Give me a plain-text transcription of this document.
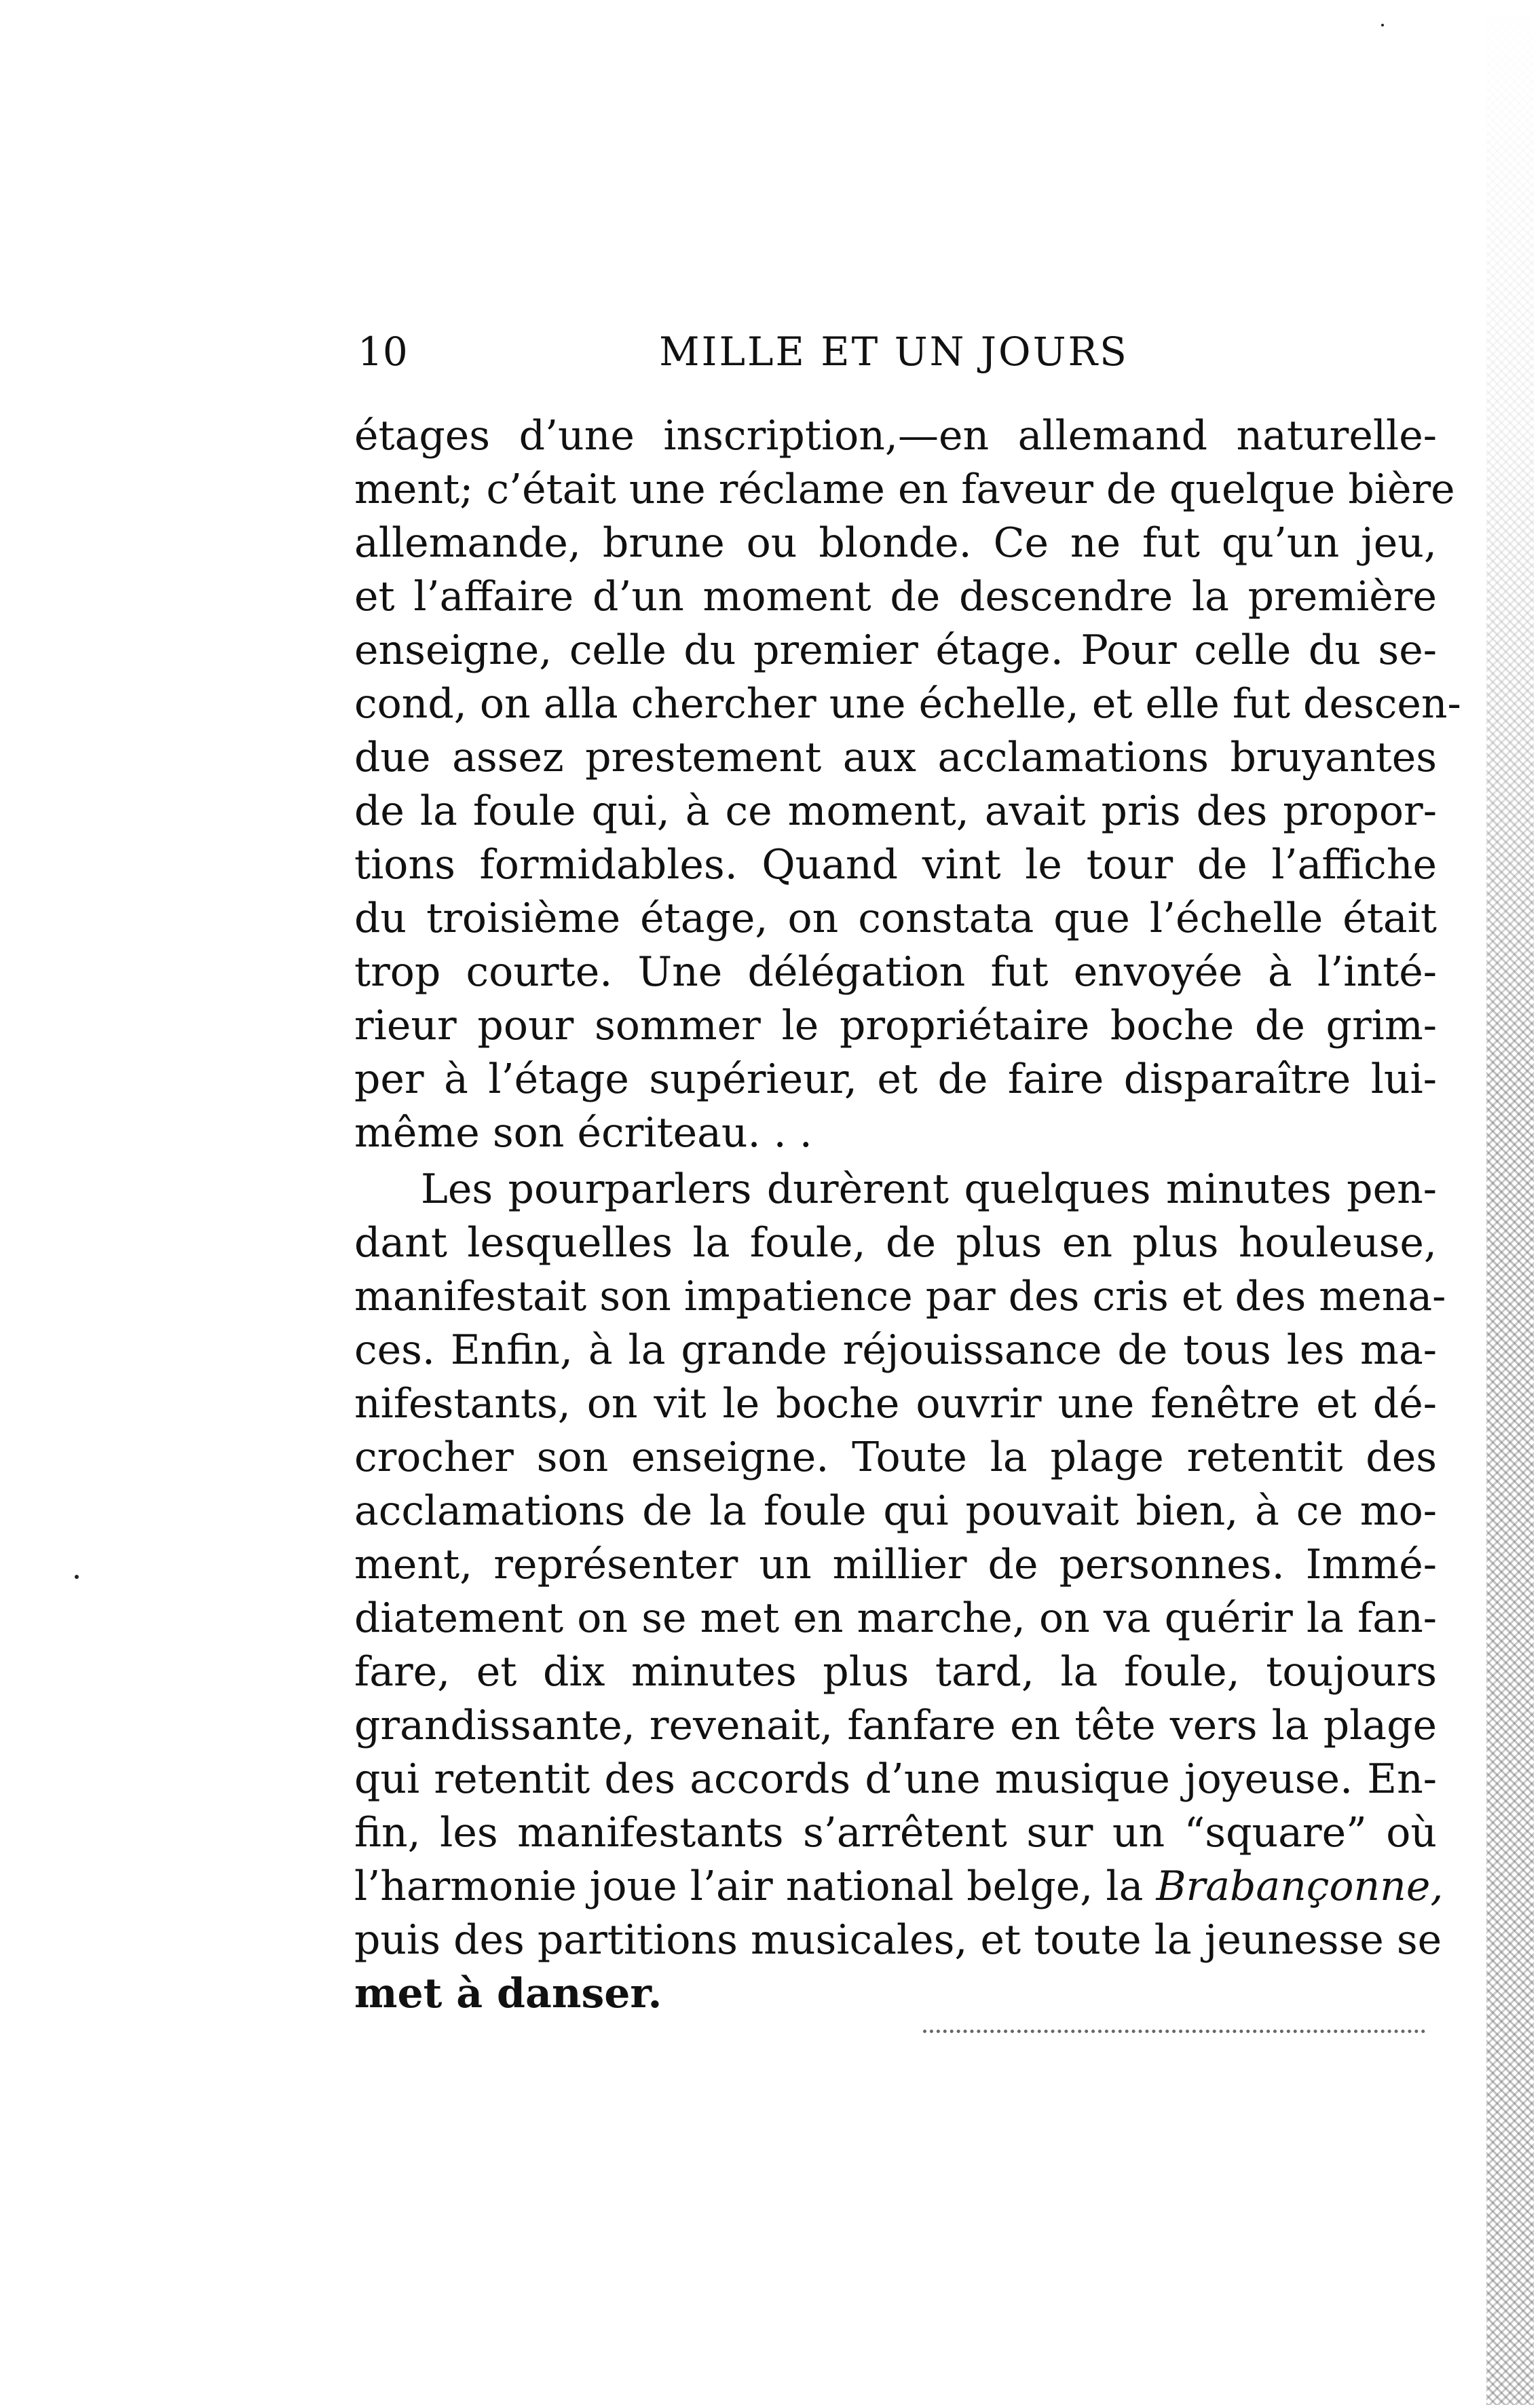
10	MILLE ET UN JOURS
étages d’une inscription,—en allemand naturelle-
ment; c’était une réclame en faveur de quelque bière
allemande, brune ou blonde. Ce ne fut qu’un jeu,
et l’affaire d’un moment de descendre la première
enseigne, celle du premier étage. Pour celle du se-
cond, on alla chercher une échelle, et elle fut descen-
due assez prestement aux acclamations bruyantes
de la foule qui, à ce moment, avait pris des propor-
tions formidables. Quand vint le tour de l’affiche
du troisième étage, on constata que l’échelle était
trop courte. Une délégation fut envoyée à l’inté-
rieur pour sommer le propriétaire boche de grim-
per à l’étage supérieur, et de faire disparaître lui-
même son écriteau. . .
Les pourparlers durèrent quelques minutes pen-
dant lesquelles la foule, de plus en plus houleuse,
manifestait son impatience par des cris et des mena-
ces. Enfin, à la grande réjouissance de tous les ma-
nifestants, on vit le boche ouvrir une fenêtre et dé-
crocher son enseigne. Toute la plage retentit des
acclamations de la foule qui pouvait bien, à ce mo-
ment, représenter un millier de personnes. Immé-
diatement on se met en marche, on va quérir la fan-
fare, et dix minutes plus tard, la foule, toujours
grandissante, revenait, fanfare en tête vers la plage
qui retentit des accords d’une musique joyeuse. En-
fin, les manifestants s’arrêtent sur un “square” où
l’harmonie joue l’air national belge, la Brabançonne,
puis des partitions musicales, et toute la jeunesse se
met à danser.
